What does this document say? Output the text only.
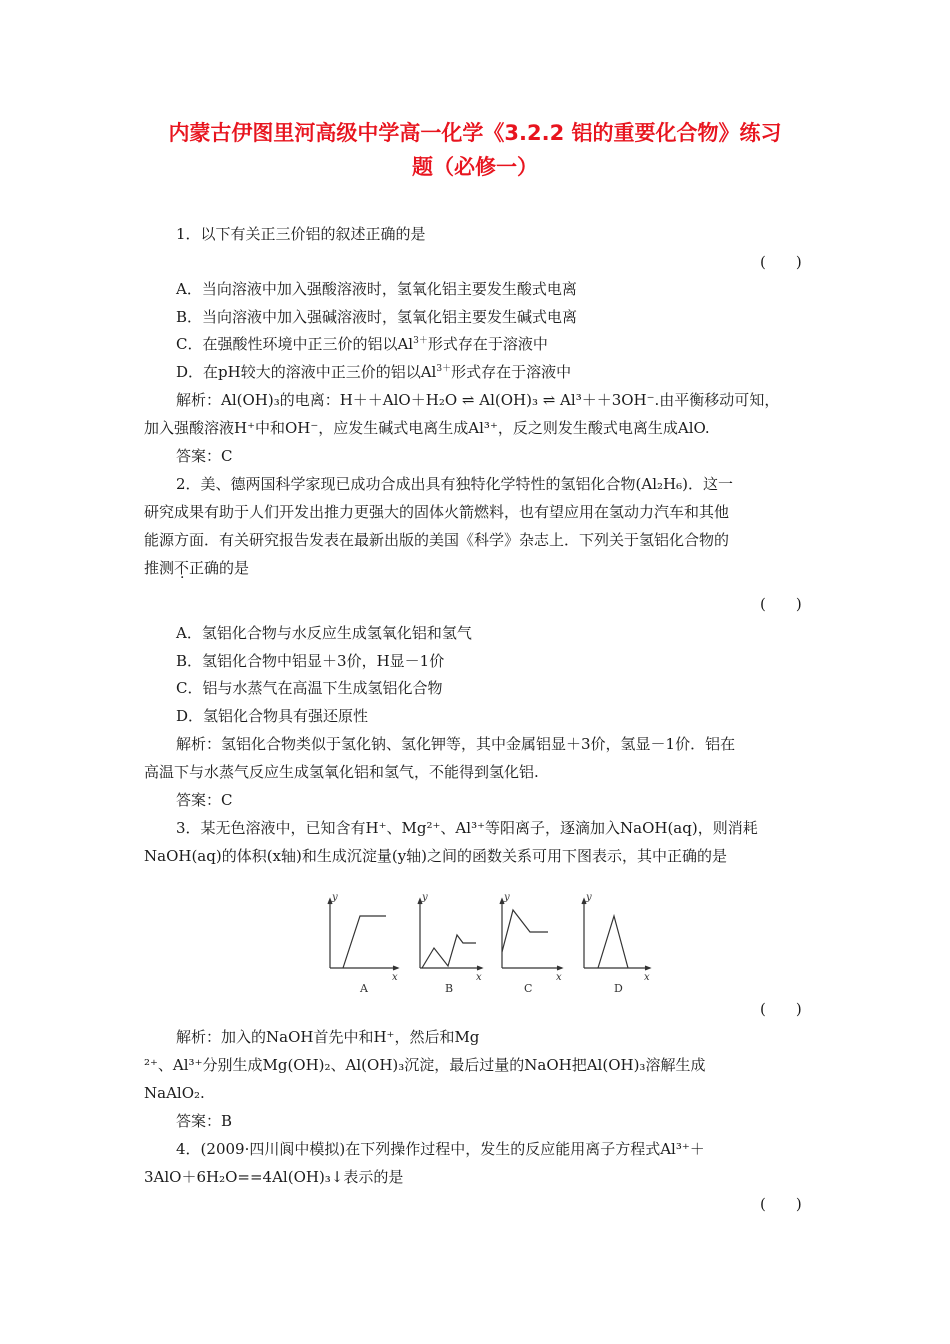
内蒙古伊图里河高级中学高一化学《3.2.2 铝的重要化合物》练习
题（必修一）
1．以下有关正三价铝的叙述正确的是
(　　)
A．当向溶液中加入强酸溶液时，氢氧化铝主要发生酸式电离
B．当向溶液中加入强碱溶液时，氢氧化铝主要发生碱式电离
C．在强酸性环境中正三价的铝以$Al^{3+}$形式存在于溶液中
D．在pH较大的溶液中正三价的铝以$Al^{3+}$形式存在于溶液中
解析：Al(OH)₃的电离：H＋＋AlO＋H₂O ⇌ Al(OH)₃ ⇌ Al³＋＋3OH⁻.由平衡移动可知，
加入强酸溶液H⁺中和OH⁻，应发生碱式电离生成Al³⁺，反之则发生酸式电离生成AlO.
答案：C
2．美、德两国科学家现已成功合成出具有独特化学特性的氢铝化合物(Al₂H₆)．这一
研究成果有助于人们开发出推力更强大的固体火箭燃料，也有望应用在氢动力汽车和其他
能源方面．有关研究报告发表在最新出版的美国《科学》杂志上．下列关于氢铝化合物的
推测不正确的是
(　　)
A．氢铝化合物与水反应生成氢氧化铝和氢气
B．氢铝化合物中铝显＋3价，H显－1价
C．铝与水蒸气在高温下生成氢铝化合物
D．氢铝化合物具有强还原性
解析：氢铝化合物类似于氢化钠、氢化钾等，其中金属铝显＋3价，氢显－1价．铝在
高温下与水蒸气反应生成氢氧化铝和氢气，不能得到氢化铝.
答案：C
3．某无色溶液中，已知含有H⁺、Mg²⁺、Al³⁺等阳离子，逐滴加入NaOH(aq)，则消耗
NaOH(aq)的体积(x轴)和生成沉淀量(y轴)之间的函数关系可用下图表示，其中正确的是
y
x
y
x
y
x
y
x
A	B	C	D
(　　)
解析：加入的NaOH首先中和H⁺，然后和Mg
²⁺、Al³⁺分别生成Mg(OH)₂、Al(OH)₃沉淀，最后过量的NaOH把Al(OH)₃溶解生成
NaAlO₂.
答案：B
4．(2009·四川阆中模拟)在下列操作过程中，发生的反应能用离子方程式Al³⁺＋
3AlO＋6H₂O==4Al(OH)₃↓表示的是
(　　)
